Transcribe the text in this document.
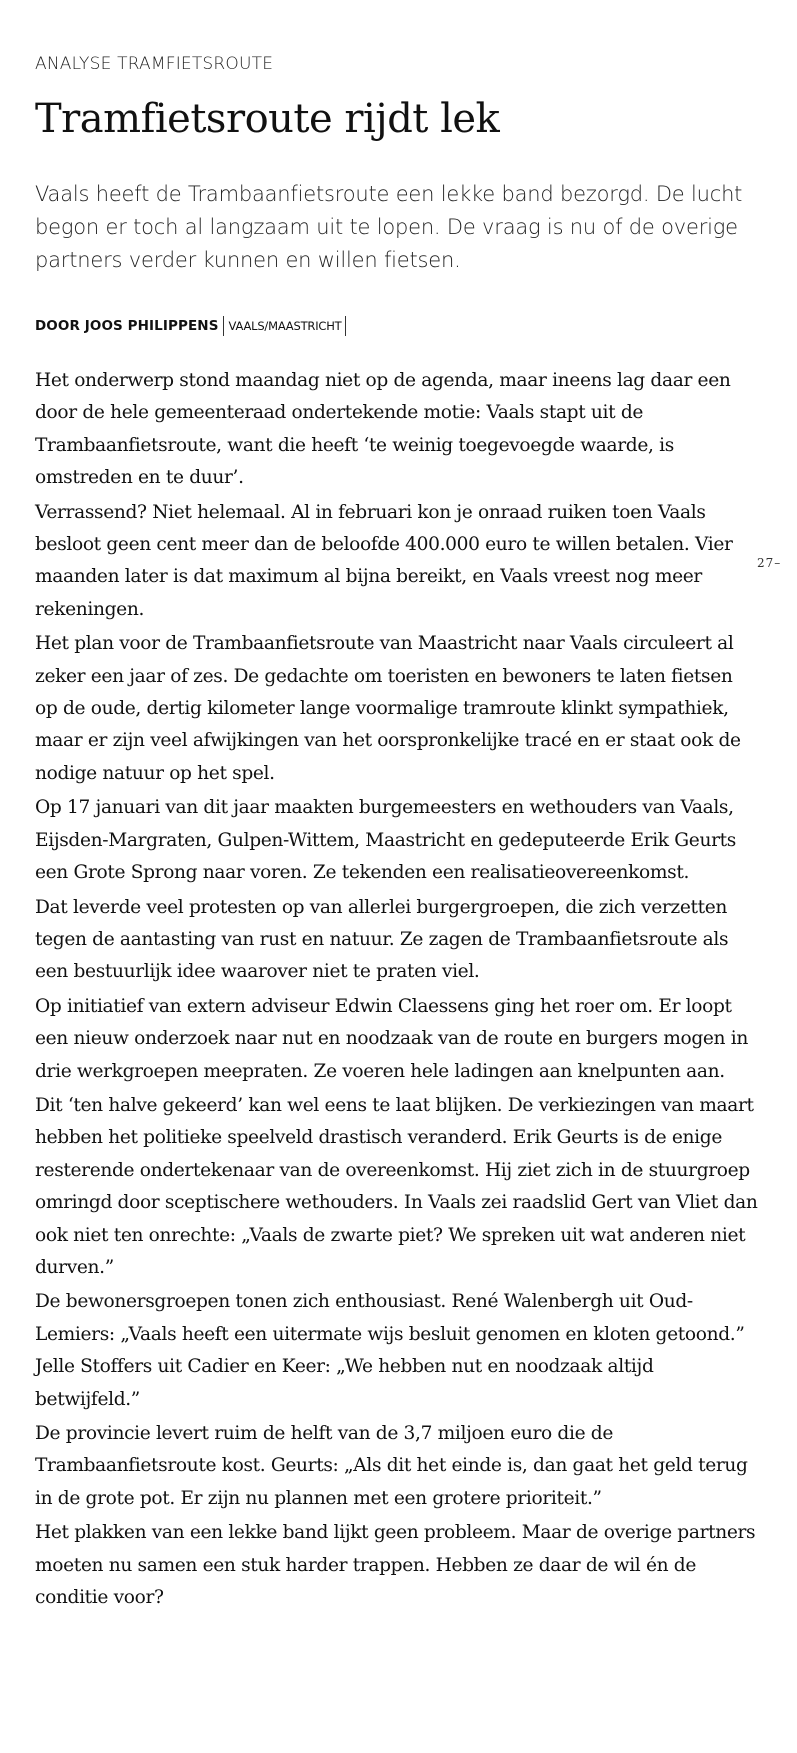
ANALYSE TRAMFIETSROUTE
Tramfietsroute rijdt lek

Vaals heeft de Trambaanfietsroute een lekke band bezorgd. De lucht begon er toch al langzaam uit te lopen. De vraag is nu of de overige partners verder kunnen en willen fietsen.

DOOR JOOS PHILIPPENS VAALS/MAASTRICHT

Het onderwerp stond maandag niet op de agenda, maar ineens lag daar een door de hele gemeenteraad ondertekende motie: Vaals stapt uit de Trambaanfietsroute, want die heeft ‘te weinig toegevoegde waarde, is omstreden en te duur’.

Verrassend? Niet helemaal. Al in februari kon je onraad ruiken toen Vaals besloot geen cent meer dan de beloofde 400.000 euro te willen betalen. Vier maanden later is dat maximum al bijna bereikt, en Vaals vreest nog meer rekeningen.

Het plan voor de Trambaanfietsroute van Maastricht naar Vaals circuleert al zeker een jaar of zes. De gedachte om toeristen en bewoners te laten fietsen op de oude, dertig kilometer lange voormalige tramroute klinkt sympathiek, maar er zijn veel afwijkingen van het oorspronkelijke tracé en er staat ook de nodige natuur op het spel.

Op 17 januari van dit jaar maakten burgemeesters en wethouders van Vaals, Eijsden-Margraten, Gulpen-Wittem, Maastricht en gedeputeerde Erik Geurts een Grote Sprong naar voren. Ze tekenden een realisatieovereenkomst.

Dat leverde veel protesten op van allerlei burgergroepen, die zich verzetten tegen de aantasting van rust en natuur. Ze zagen de Trambaanfietsroute als een bestuurlijk idee waarover niet te praten viel.

Op initiatief van extern adviseur Edwin Claessens ging het roer om. Er loopt een nieuw onderzoek naar nut en noodzaak van de route en burgers mogen in drie werkgroepen meepraten. Ze voeren hele ladingen aan knelpunten aan.

Dit ‘ten halve gekeerd’ kan wel eens te laat blijken. De verkiezingen van maart hebben het politieke speelveld drastisch veranderd. Erik Geurts is de enige resterende ondertekenaar van de overeenkomst. Hij ziet zich in de stuurgroep omringd door sceptischere wethouders. In Vaals zei raadslid Gert van Vliet dan ook niet ten onrechte: „Vaals de zwarte piet? We spreken uit wat anderen niet durven.”

De bewonersgroepen tonen zich enthousiast. René Walenbergh uit Oud-Lemiers: „Vaals heeft een uitermate wijs besluit genomen en kloten getoond.” Jelle Stoffers uit Cadier en Keer: „We hebben nut en noodzaak altijd betwijfeld.”

De provincie levert ruim de helft van de 3,7 miljoen euro die de Trambaanfietsroute kost. Geurts: „Als dit het einde is, dan gaat het geld terug in de grote pot. Er zijn nu plannen met een grotere prioriteit.”

Het plakken van een lekke band lijkt geen probleem. Maar de overige partners moeten nu samen een stuk harder trappen. Hebben ze daar de wil én de conditie voor?

27–
